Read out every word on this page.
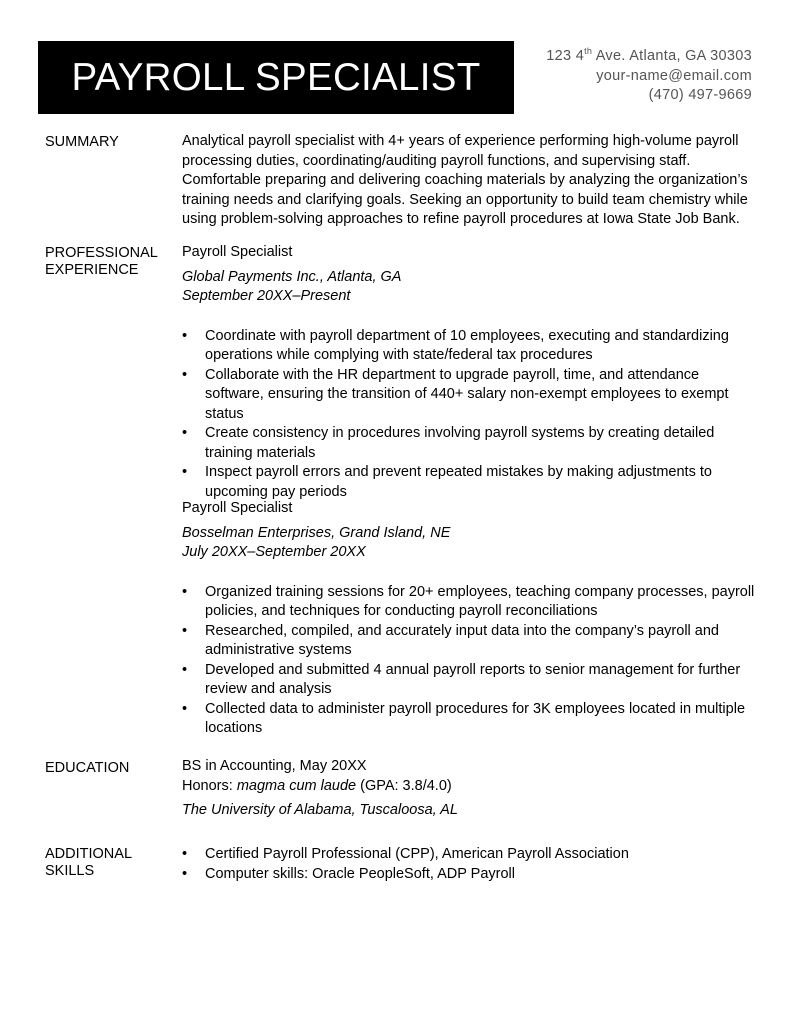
PAYROLL SPECIALIST	123 4th Ave. Atlanta, GA 30303
your-name@email.com
(470) 497-9669
SUMMARY	Analytical payroll specialist with 4+ years of experience performing high-volume payroll processing duties, coordinating/auditing payroll functions, and supervising staff. Comfortable preparing and delivering coaching materials by analyzing the organization’s training needs and clarifying goals. Seeking an opportunity to build team chemistry while using problem-solving approaches to refine payroll procedures at Iowa State Job Bank.

PROFESSIONAL
EXPERIENCE

Payroll Specialist

Global Payments Inc., Atlanta, GA

September 20XX–Present

• Coordinate with payroll department of 10 employees, executing and standardizing operations while complying with state/federal tax procedures
• Collaborate with the HR department to upgrade payroll, time, and attendance software, ensuring the transition of 440+ salary non-exempt employees to exempt status
• Create consistency in procedures involving payroll systems by creating detailed training materials
• Inspect payroll errors and prevent repeated mistakes by making adjustments to upcoming pay periods

Payroll Specialist

Bosselman Enterprises, Grand Island, NE

July 20XX–September 20XX

• Organized training sessions for 20+ employees, teaching company processes, payroll policies, and techniques for conducting payroll reconciliations
• Researched, compiled, and accurately input data into the company’s payroll and administrative systems
• Developed and submitted 4 annual payroll reports to senior management for further review and analysis
• Collected data to administer payroll procedures for 3K employees located in multiple locations
EDUCATION	BS in Accounting, May 20XX

Honors: magma cum laude (GPA: 3.8/4.0)

The University of Alabama, Tuscaloosa, AL

ADDITIONAL
SKILLS
• Certified Payroll Professional (CPP), American Payroll Association
• Computer skills: Oracle PeopleSoft, ADP Payroll
